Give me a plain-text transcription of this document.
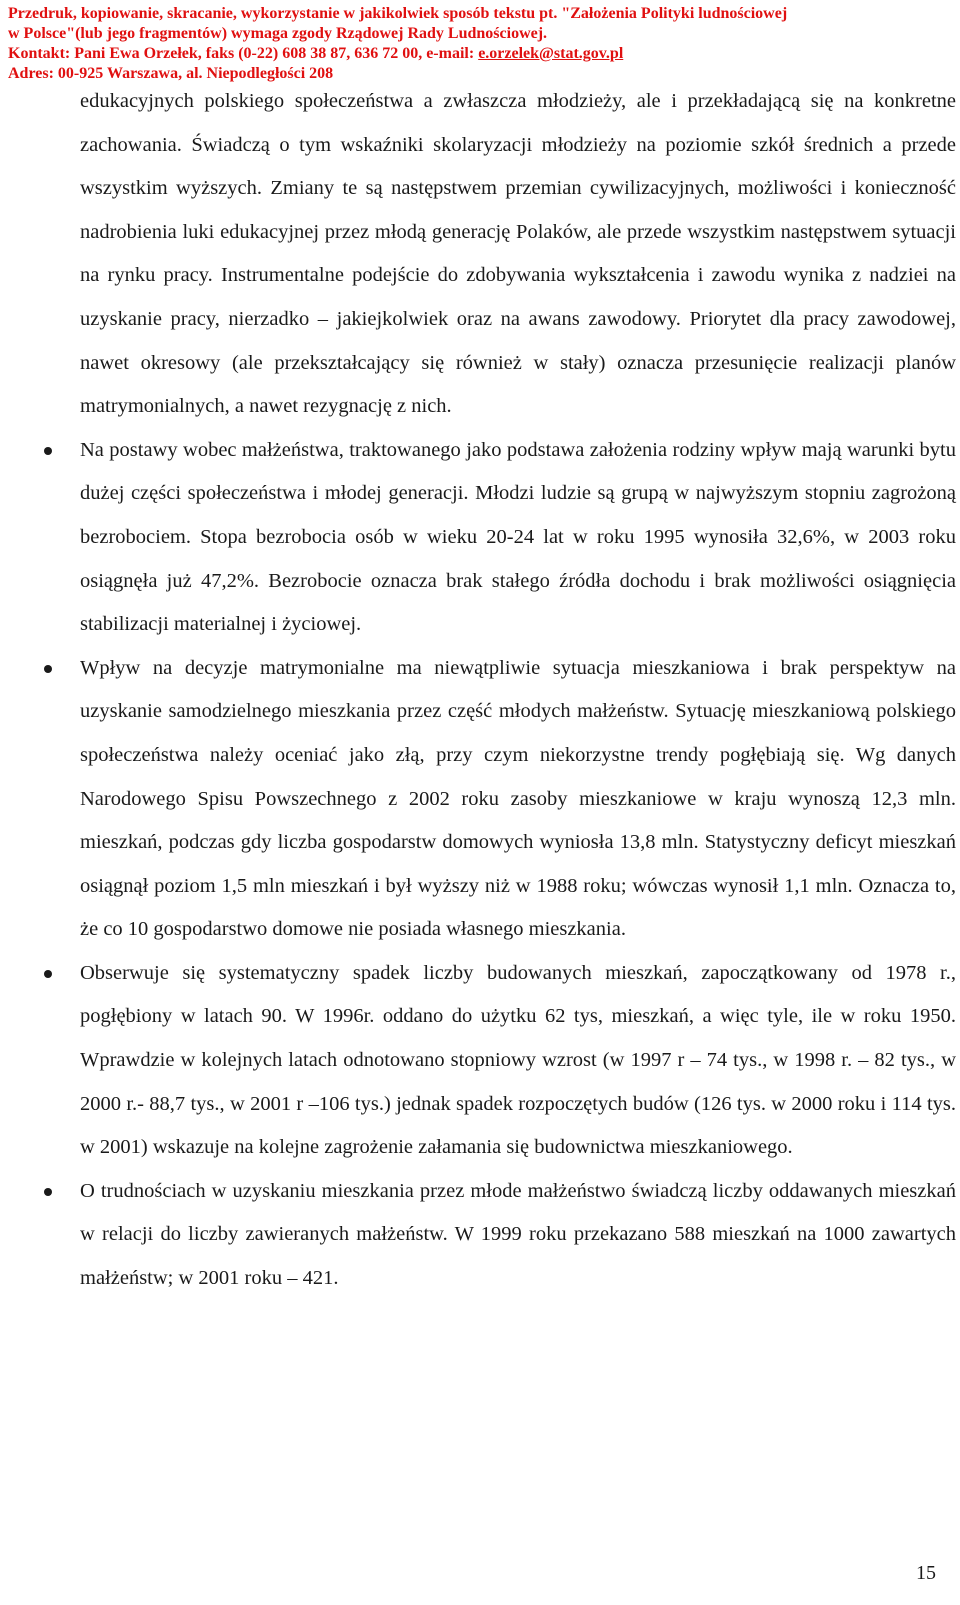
Przedruk, kopiowanie, skracanie, wykorzystanie w jakikolwiek sposób tekstu pt. "Założenia Polityki ludnościowej
w Polsce"(lub jego fragmentów) wymaga zgody Rządowej Rady Ludnościowej.
Kontakt: Pani Ewa Orzełek, faks (0-22) 608 38 87, 636 72 00, e-mail: e.orzelek@stat.gov.pl
Adres: 00-925 Warszawa, al. Niepodległości 208

edukacyjnych polskiego społeczeństwa a zwłaszcza młodzieży, ale i przekładającą się na konkretne zachowania. Świadczą o tym wskaźniki skolaryzacji młodzieży na poziomie szkół średnich a przede wszystkim wyższych. Zmiany te są następstwem przemian cywilizacyjnych, możliwości i konieczność nadrobienia luki edukacyjnej przez młodą generację Polaków, ale przede wszystkim następstwem sytuacji na rynku pracy. Instrumentalne podejście do zdobywania wykształcenia i zawodu wynika z nadziei na uzyskanie pracy, nierzadko – jakiejkolwiek oraz na awans zawodowy. Priorytet dla pracy zawodowej, nawet okresowy (ale przekształcający się również w stały) oznacza przesunięcie realizacji planów matrymonialnych, a nawet rezygnację z nich.

Na postawy wobec małżeństwa, traktowanego jako podstawa założenia rodziny wpływ mają warunki bytu dużej części społeczeństwa i młodej generacji. Młodzi ludzie są grupą w najwyższym stopniu zagrożoną bezrobociem. Stopa bezrobocia osób w wieku 20-24 lat w roku 1995 wynosiła 32,6%, w 2003 roku osiągnęła już 47,2%. Bezrobocie oznacza brak stałego źródła dochodu i brak możliwości osiągnięcia stabilizacji materialnej i życiowej.
Wpływ na decyzje matrymonialne ma niewątpliwie sytuacja mieszkaniowa i brak perspektyw na uzyskanie samodzielnego mieszkania przez część młodych małżeństw. Sytuację mieszkaniową polskiego społeczeństwa należy oceniać jako złą, przy czym niekorzystne trendy pogłębiają się. Wg danych Narodowego Spisu Powszechnego z 2002 roku zasoby mieszkaniowe w kraju wynoszą 12,3 mln. mieszkań, podczas gdy liczba gospodarstw domowych wyniosła 13,8 mln. Statystyczny deficyt mieszkań osiągnął poziom 1,5 mln mieszkań i był wyższy niż w 1988 roku; wówczas wynosił 1,1 mln. Oznacza to, że co 10 gospodarstwo domowe nie posiada własnego mieszkania.
Obserwuje się systematyczny spadek liczby budowanych mieszkań, zapoczątkowany od 1978 r., pogłębiony w latach 90. W 1996r. oddano do użytku 62 tys, mieszkań, a więc tyle, ile w roku 1950. Wprawdzie w kolejnych latach odnotowano stopniowy wzrost (w 1997 r – 74 tys., w 1998 r. – 82 tys., w 2000 r.- 88,7 tys., w 2001 r –106 tys.) jednak spadek rozpoczętych budów (126 tys. w 2000 roku i 114 tys. w 2001) wskazuje na kolejne zagrożenie załamania się budownictwa mieszkaniowego.
O trudnościach w uzyskaniu mieszkania przez młode małżeństwo świadczą liczby oddawanych mieszkań w relacji do liczby zawieranych małżeństw. W 1999 roku przekazano 588 mieszkań na 1000 zawartych małżeństw; w 2001 roku – 421.
15
